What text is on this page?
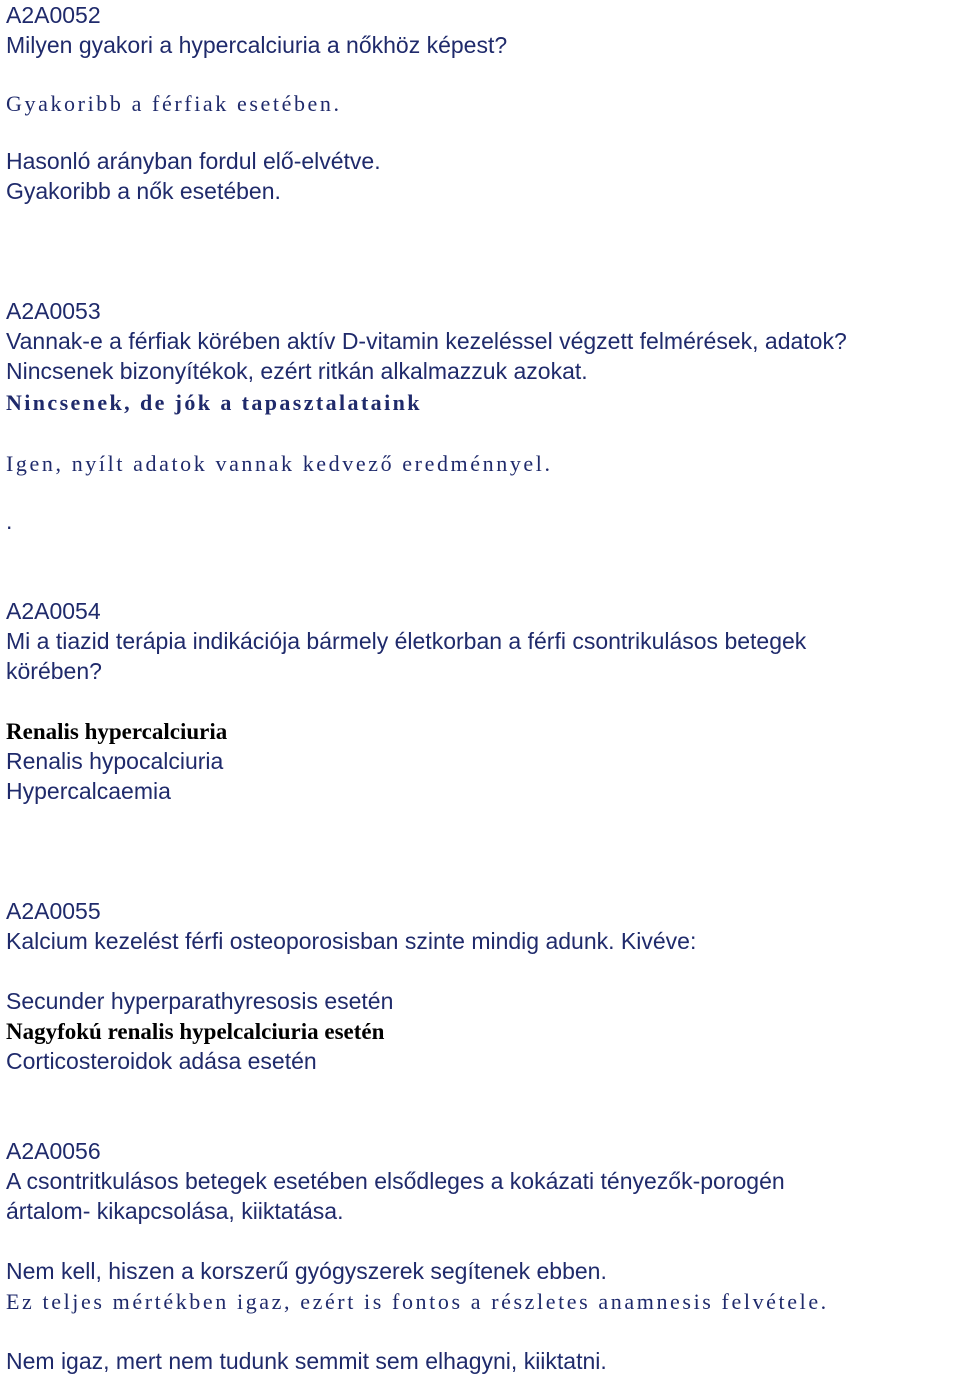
A2A0052
Milyen gyakori a hypercalciuria a nőkhöz képest?
Gyakoribb a férfiak esetében.
Hasonló arányban fordul elő-elvétve.
Gyakoribb a nők esetében.
A2A0053
Vannak-e a férfiak körében aktív D-vitamin kezeléssel végzett felmérések, adatok?
Nincsenek bizonyítékok, ezért ritkán alkalmazzuk azokat.
Nincsenek, de jók a tapasztalataink
Igen, nyílt adatok vannak kedvező eredménnyel.
.
A2A0054
Mi a tiazid terápia indikációja bármely életkorban a férfi csontrikulásos betegek
körében?
Renalis hypercalciuria
Renalis hypocalciuria
Hypercalcaemia
A2A0055
Kalcium kezelést férfi osteoporosisban szinte mindig adunk. Kivéve:
Secunder hyperparathyresosis esetén
Nagyfokú renalis hypelcalciuria esetén
Corticosteroidok adása esetén
A2A0056
A csontritkulásos betegek esetében elsődleges a kokázati tényezők-porogén
ártalom- kikapcsolása, kiiktatása.
Nem kell, hiszen a korszerű gyógyszerek segítenek ebben.
Ez teljes mértékben igaz, ezért is fontos a részletes anamnesis felvétele.
Nem igaz, mert nem tudunk semmit sem elhagyni, kiiktatni.
